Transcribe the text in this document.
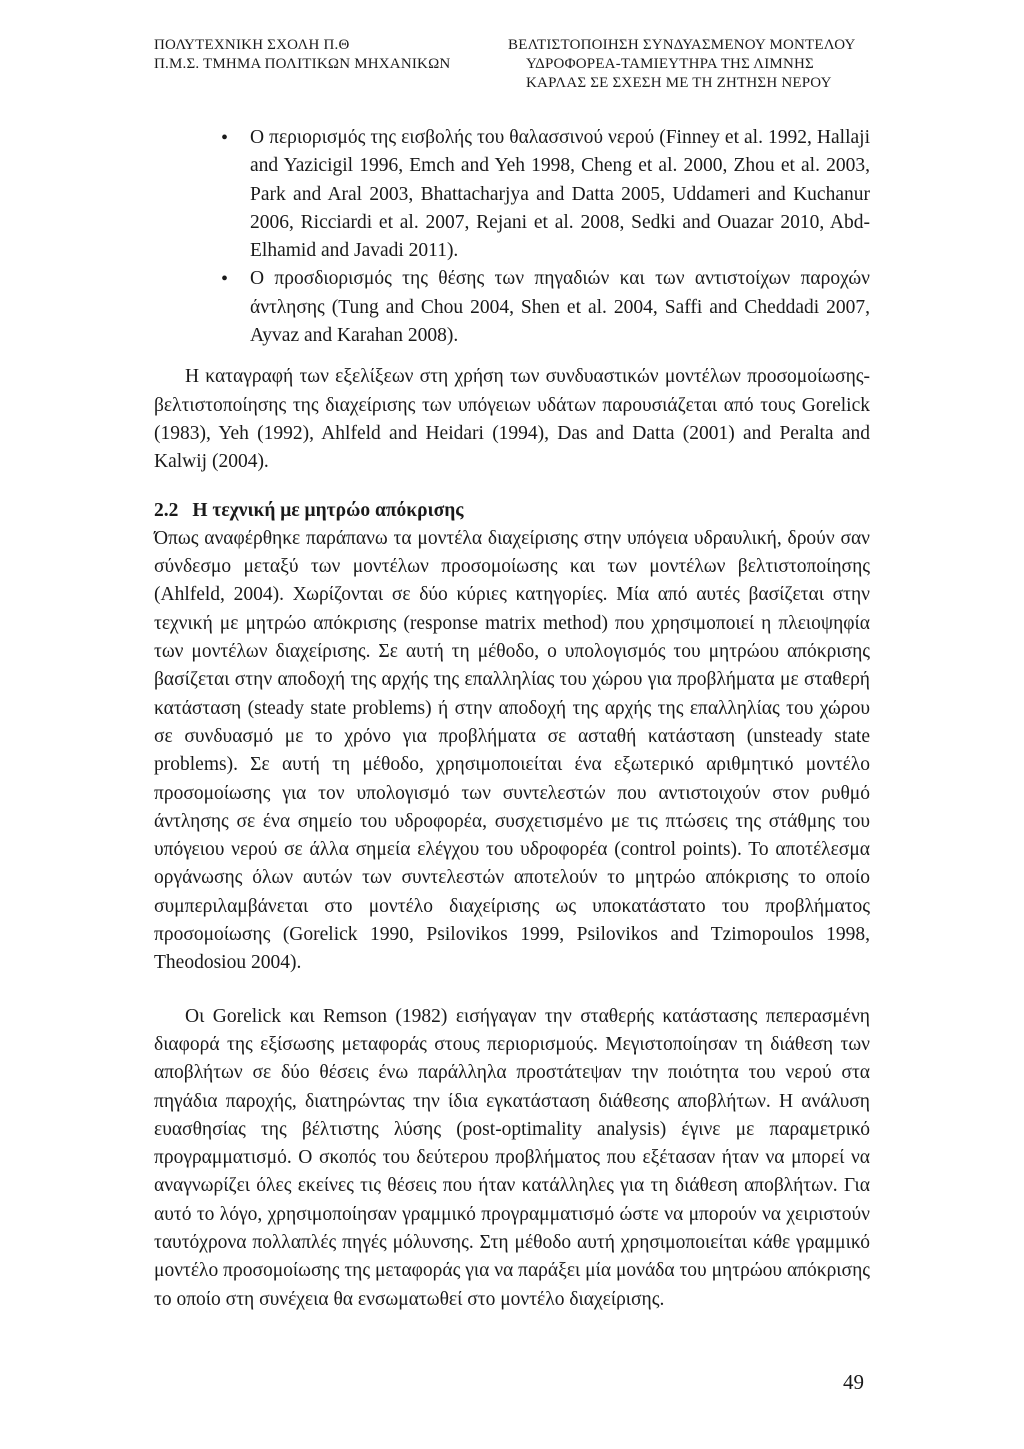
ΠΟΛΥΤΕΧΝΙΚΗ ΣΧΟΛΗ Π.Θ
Π.Μ.Σ. ΤΜΗΜΑ ΠΟΛΙΤΙΚΩΝ ΜΗΧΑΝΙΚΩΝ
ΒΕΛΤΙΣΤΟΠΟΙΗΣΗ ΣΥΝΔΥΑΣΜΕΝΟΥ ΜΟΝΤΕΛΟΥ
ΥΔΡΟΦΟΡΕΑ-ΤΑΜΙΕΥΤΗΡΑ ΤΗΣ ΛΙΜΝΗΣ
ΚΑΡΛΑΣ ΣΕ ΣΧΕΣΗ ΜΕ ΤΗ ΖΗΤΗΣΗ ΝΕΡΟΥ
• Ο περιορισμός της εισβολής του θαλασσινού νερού (Finney et al. 1992, Hallaji and Yazicigil 1996, Emch and Yeh 1998, Cheng et al. 2000, Zhou et al. 2003, Park and Aral 2003, Bhattacharjya and Datta 2005, Uddameri and Kuchanur 2006, Ricciardi et al. 2007, Rejani et al. 2008, Sedki and Ouazar 2010, Abd-Elhamid and Javadi 2011).
• Ο προσδιορισμός της θέσης των πηγαδιών και των αντιστοίχων παροχών άντλησης (Tung and Chou 2004, Shen et al. 2004, Saffi and Cheddadi 2007, Ayvaz and Karahan 2008).

Η καταγραφή των εξελίξεων στη χρήση των συνδυαστικών μοντέλων προσομοίωσης-βελτιστοποίησης της διαχείρισης των υπόγειων υδάτων παρουσιάζεται από τους Gorelick (1983), Yeh (1992), Ahlfeld and Heidari (1994), Das and Datta (2001) and Peralta and Kalwij (2004).

2.2 Η τεχνική με μητρώο απόκρισης

Όπως αναφέρθηκε παράπανω τα μοντέλα διαχείρισης στην υπόγεια υδραυλική, δρούν σαν σύνδεσμο μεταξύ των μοντέλων προσομοίωσης και των μοντέλων βελτιστοποίησης (Ahlfeld, 2004). Χωρίζονται σε δύο κύριες κατηγορίες. Μία από αυτές βασίζεται στην τεχνική με μητρώο απόκρισης (response matrix method) που χρησιμοποιεί η πλειοψηφία των μοντέλων διαχείρισης. Σε αυτή τη μέθοδο, ο υπολογισμός του μητρώου απόκρισης βασίζεται στην αποδοχή της αρχής της επαλληλίας του χώρου για προβλήματα με σταθερή κατάσταση (steady state problems) ή στην αποδοχή της αρχής της επαλληλίας του χώρου σε συνδυασμό με το χρόνο για προβλήματα σε ασταθή κατάσταση (unsteady state problems). Σε αυτή τη μέθοδο, χρησιμοποιείται ένα εξωτερικό αριθμητικό μοντέλο προσομοίωσης για τον υπολογισμό των συντελεστών που αντιστοιχούν στον ρυθμό άντλησης σε ένα σημείο του υδροφορέα, συσχετισμένο με τις πτώσεις της στάθμης του υπόγειου νερού σε άλλα σημεία ελέγχου του υδροφορέα (control points). Το αποτέλεσμα οργάνωσης όλων αυτών των συντελεστών αποτελούν το μητρώο απόκρισης το οποίο συμπεριλαμβάνεται στο μοντέλο διαχείρισης ως υποκατάστατο του προβλήματος προσομοίωσης (Gorelick 1990, Psilovikos 1999, Psilovikos and Tzimopoulos 1998, Theodosiou 2004).

Οι Gorelick και Remson (1982) εισήγαγαν την σταθερής κατάστασης πεπερασμένη διαφορά της εξίσωσης μεταφοράς στους περιορισμούς. Μεγιστοποίησαν τη διάθεση των αποβλήτων σε δύο θέσεις ένω παράλληλα προστάτεψαν την ποιότητα του νερού στα πηγάδια παροχής, διατηρώντας την ίδια εγκατάσταση διάθεσης αποβλήτων. Η ανάλυση ευασθησίας της βέλτιστης λύσης (post-optimality analysis) έγινε με παραμετρικό προγραμματισμό. Ο σκοπός του δεύτερου προβλήματος που εξέτασαν ήταν να μπορεί να αναγνωρίζει όλες εκείνες τις θέσεις που ήταν κατάλληλες για τη διάθεση αποβλήτων. Για αυτό το λόγο, χρησιμοποίησαν γραμμικό προγραμματισμό ώστε να μπορούν να χειριστούν ταυτόχρονα πολλαπλές πηγές μόλυνσης. Στη μέθοδο αυτή χρησιμοποιείται κάθε γραμμικό μοντέλο προσομοίωσης της μεταφοράς για να παράξει μία μονάδα του μητρώου απόκρισης το οποίο στη συνέχεια θα ενσωματωθεί στο μοντέλο διαχείρισης.

49
